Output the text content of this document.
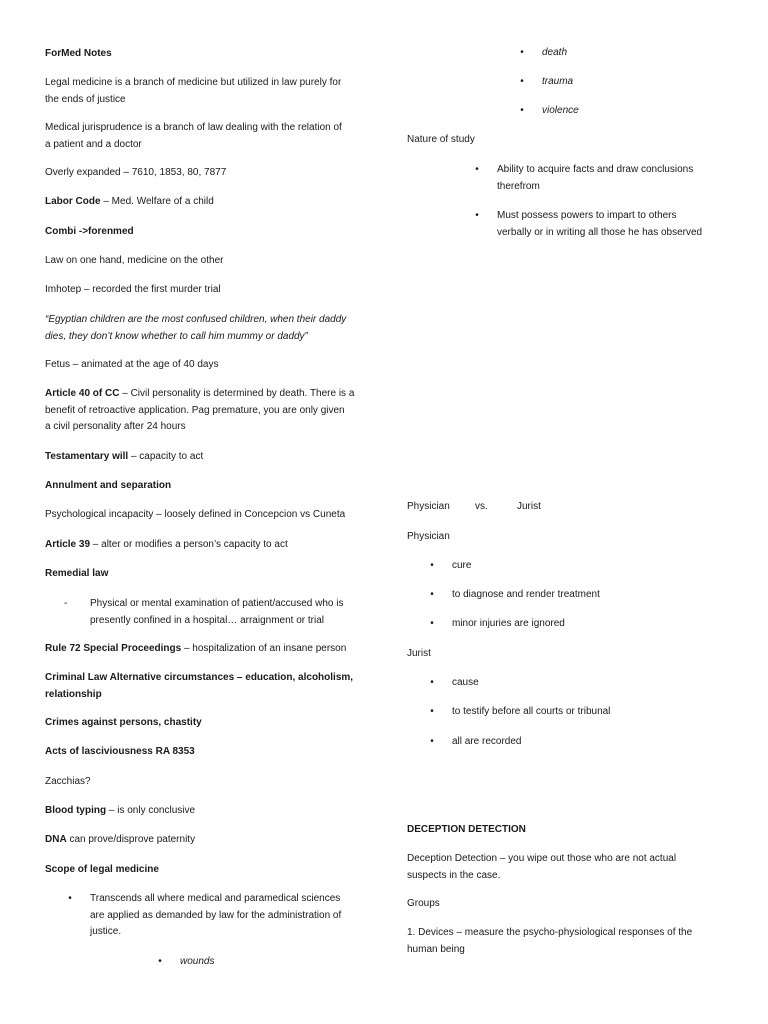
ForMed Notes
Legal medicine is a branch of medicine but utilized in law purely for
the ends of justice
Medical jurisprudence is a branch of law dealing with the relation of
a patient and a doctor
Overly expanded – 7610, 1853, 80, 7877
Labor Code – Med. Welfare of a child
Combi ->forenmed
Law on one hand, medicine on the other
Imhotep – recorded the first murder trial
“Egyptian children are the most confused children, when their daddy
dies, they don’t know whether to call him mummy or daddy”
Fetus – animated at the age of 40 days
Article 40 of CC – Civil personality is determined by death. There is a
benefit of retroactive application. Pag premature, you are only given
a civil personality after 24 hours
Testamentary will – capacity to act
Annulment and separation
Psychological incapacity – loosely defined in Concepcion vs Cuneta
Article 39 – alter or modifies a person’s capacity to act
Remedial law
- Physical or mental examination of patient/accused who is
presently confined in a hospital… arraignment or trial
Rule 72 Special Proceedings – hospitalization of an insane person
Criminal Law Alternative circumstances – education, alcoholism,
relationship
Crimes against persons, chastity
Acts of lasciviousness RA 8353
Zacchias?
Blood typing – is only conclusive
DNA can prove/disprove paternity
Scope of legal medicine
•	Transcends all where medical and paramedical sciences
are applied as demanded by law for the administration of
justice.
•	wounds
•	death
•	trauma
•	violence
Nature of study
•	Ability to acquire facts and draw conclusions
therefrom
•	Must possess powers to impart to others
verbally or in writing all those he has observed
Physician	vs.	Jurist
Physician
•	cure
•	to diagnose and render treatment
•	minor injuries are ignored
Jurist
•	cause
•	to testify before all courts or tribunal
•	all are recorded
DECEPTION DETECTION
Deception Detection – you wipe out those who are not actual
suspects in the case.
Groups
1. Devices – measure the psycho-physiological responses of the
human being
